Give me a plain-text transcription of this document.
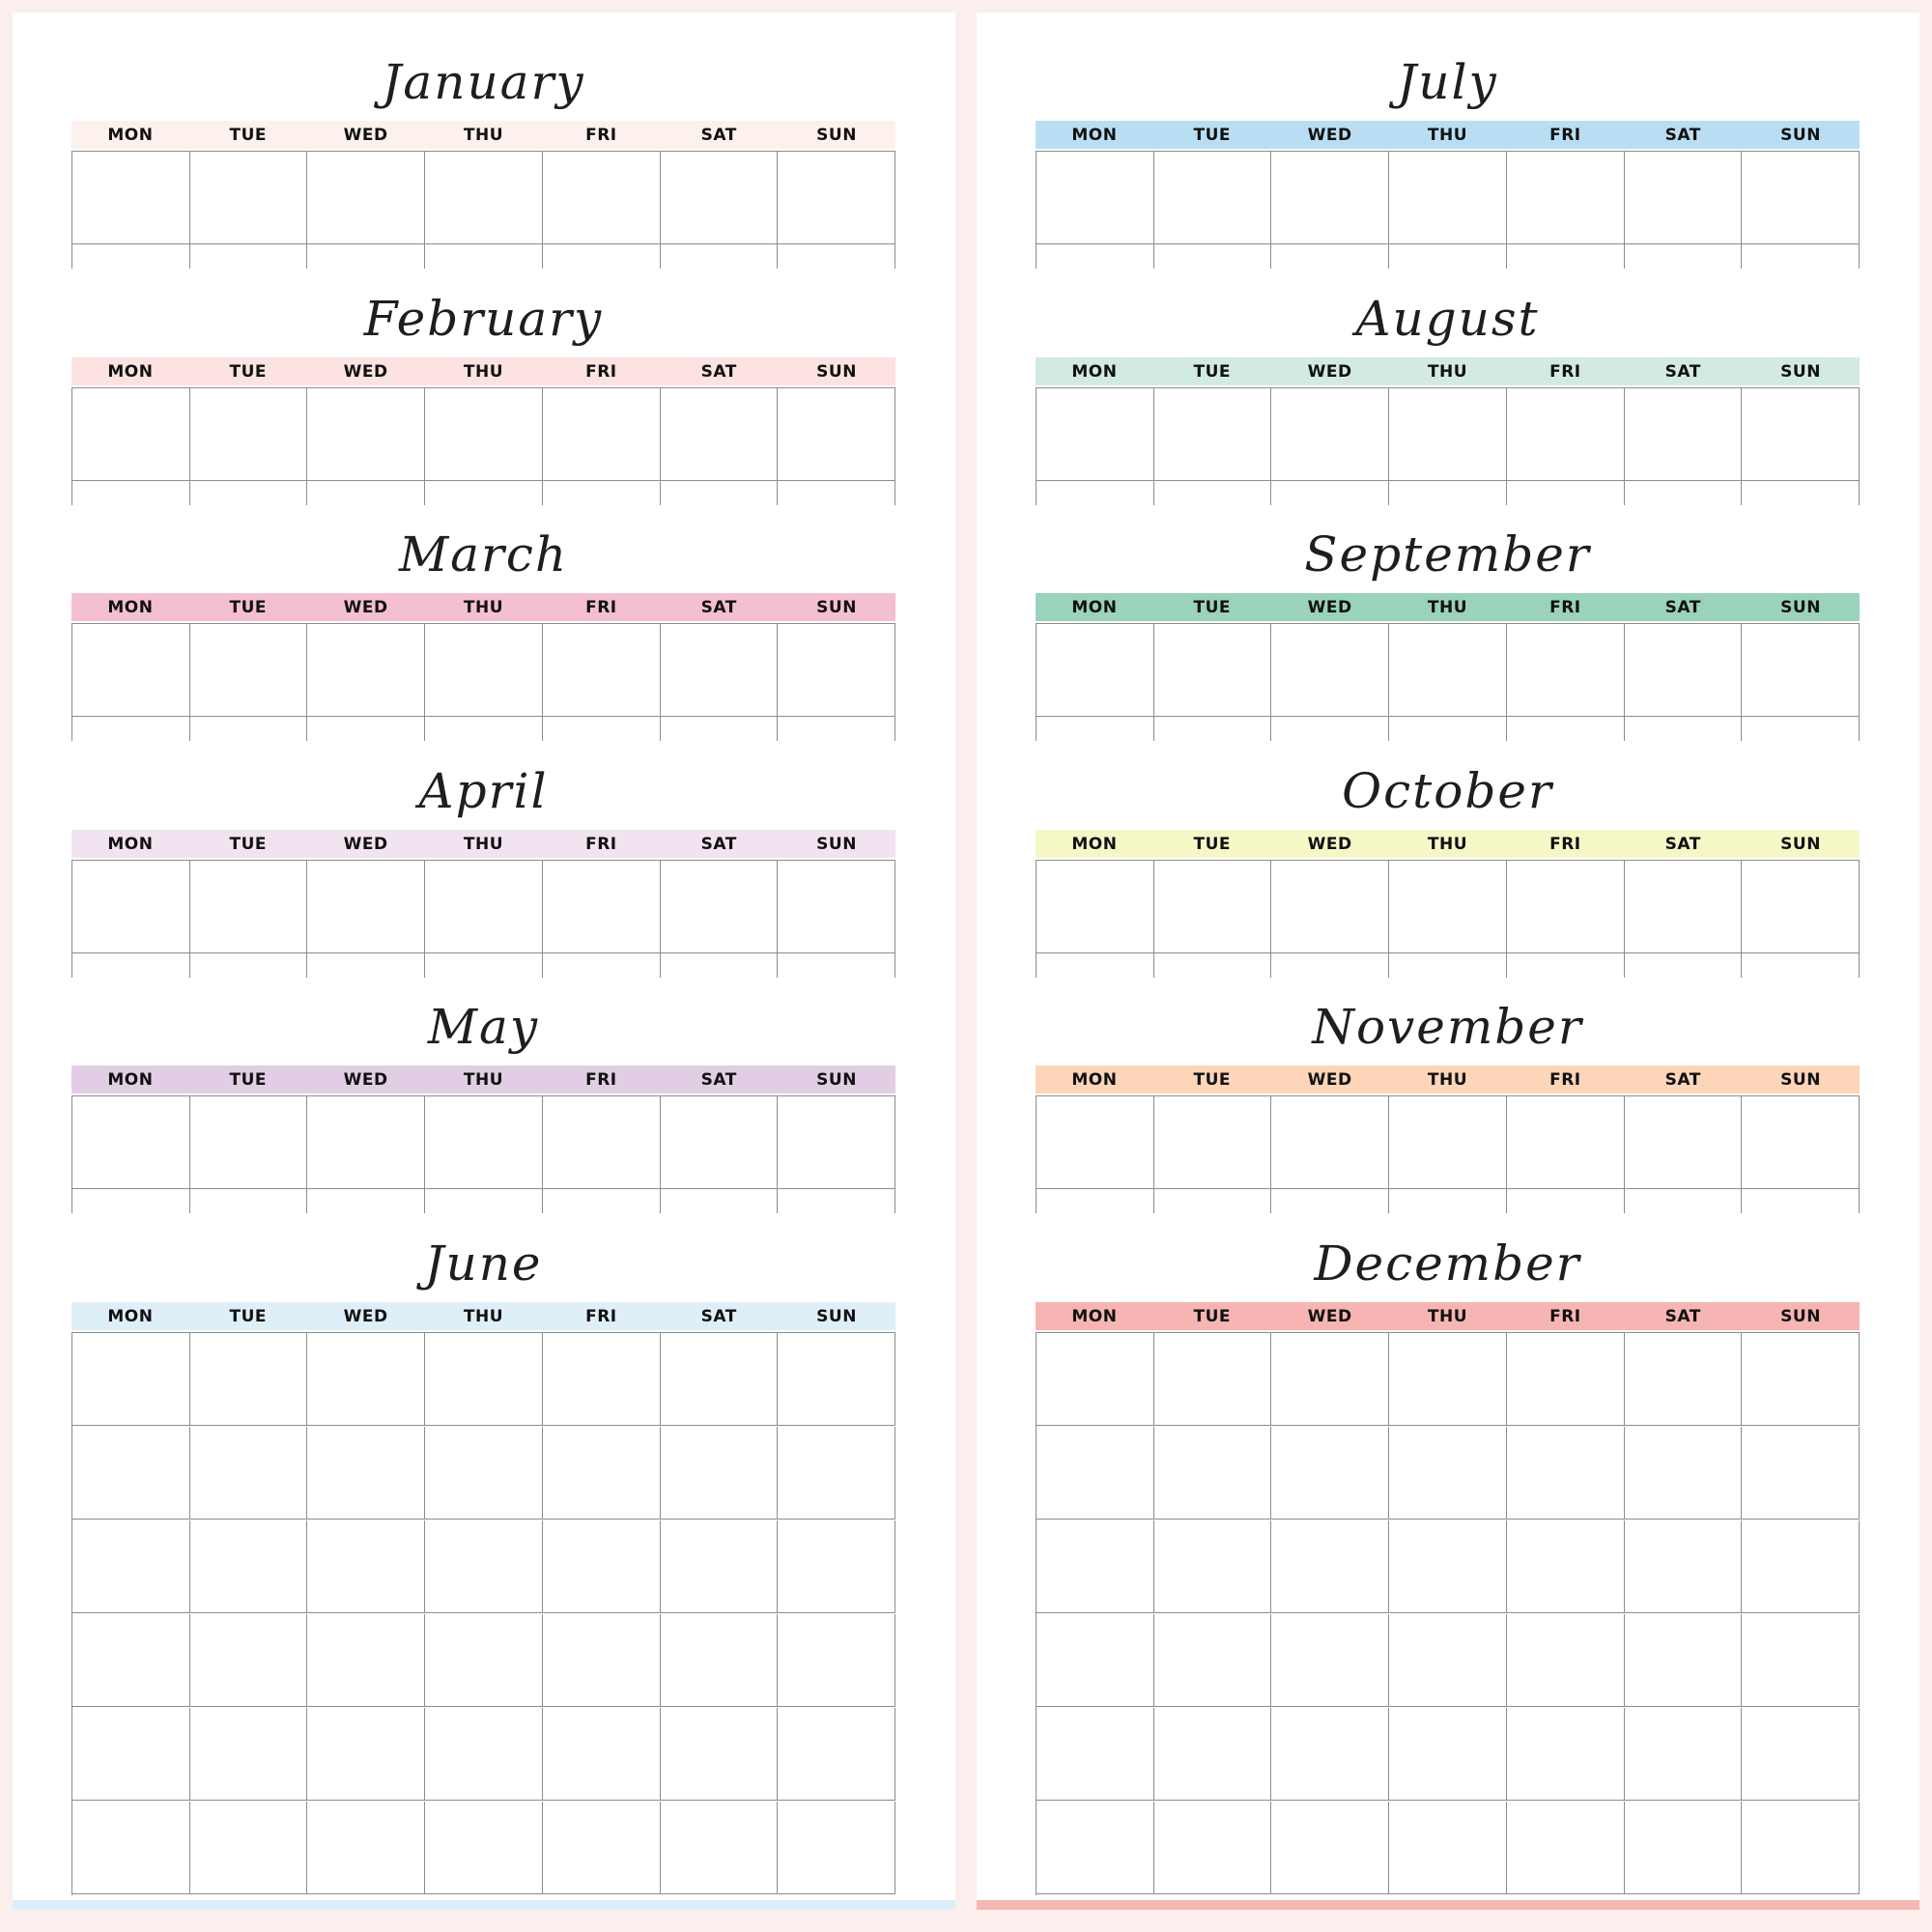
January
MON	TUE	WED	THU	FRI	SAT	SUN
February
MON	TUE	WED	THU	FRI	SAT	SUN
March
MON	TUE	WED	THU	FRI	SAT	SUN
April
MON	TUE	WED	THU	FRI	SAT	SUN
May
MON	TUE	WED	THU	FRI	SAT	SUN
June
MON	TUE	WED	THU	FRI	SAT	SUN
July
MON	TUE	WED	THU	FRI	SAT	SUN
August
MON	TUE	WED	THU	FRI	SAT	SUN
September
MON	TUE	WED	THU	FRI	SAT	SUN
October
MON	TUE	WED	THU	FRI	SAT	SUN
November
MON	TUE	WED	THU	FRI	SAT	SUN
December
MON	TUE	WED	THU	FRI	SAT	SUN
